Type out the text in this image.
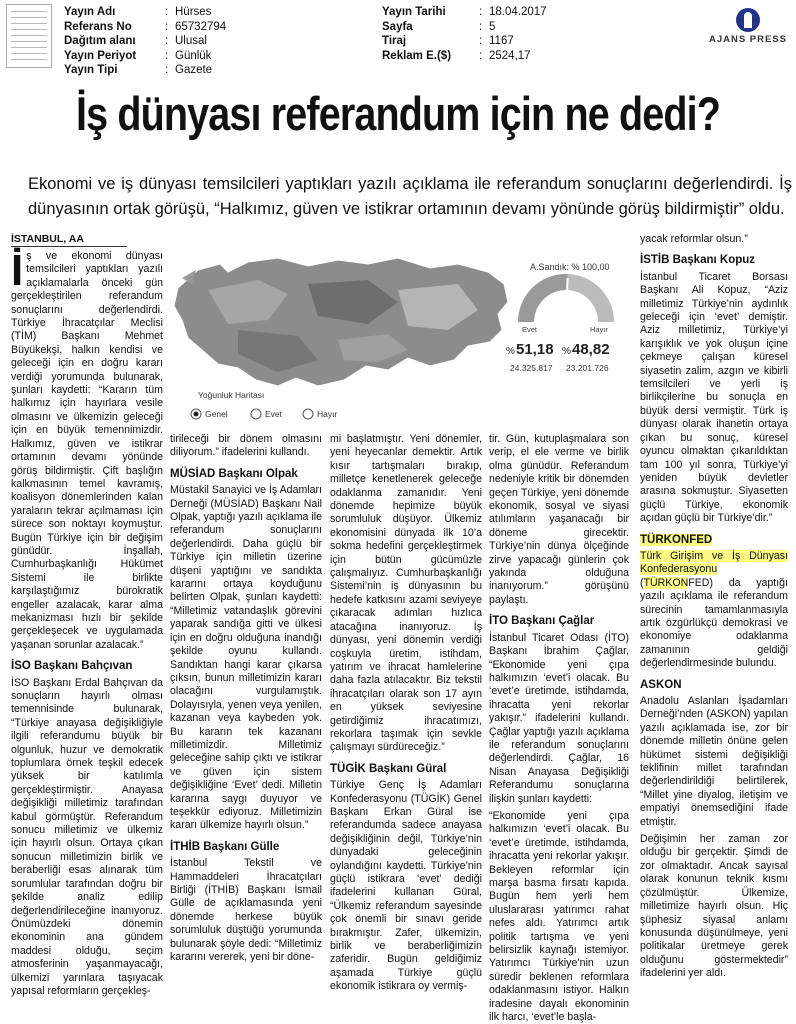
Yayın Adı	: Hürses
Referans No	: 65732794
Dağıtım alanı	: Ulusal
Yayın Periyot	: Günlük
Yayın Tipi	: Gazete
Yayın Tarihi	: 18.04.2017
Sayfa	: 5
Tiraj	: 1167
Reklam E.($)	: 2524,17
AJANS PRESS
İş dünyası referandum için ne dedi?
Ekonomi ve iş dünyası temsilcileri yaptıkları yazılı açıklama ile referandum sonuçlarını değerlendirdi. İş dünyasının ortak görüşü, “Halkımız, güven ve istikrar ortamının devamı yönünde görüş bildirmiştir” oldu.
İSTANBUL, AA
A.Sandık: % 100,00
Evet	Hayır
% 51,18 % 48,82
24.325.817 23.201.726
Yoğunluk Haritası
Genel	Evet	Hayır
İ ş ve ekonomi dünyası temsilcileri yaptıkları yazılı açıklamalarla önceki gün gerçekleştirilen referandum sonuçlarını değerlendirdi. Türkiye İhracatçılar Meclisi (TİM) Başkanı Mehmet Büyükekşi, halkın kendisi ve geleceği için en doğru kararı verdiği yorumunda bulunarak, şunları kaydetti: “Kararın tüm halkımız için hayırlara vesile olmasını ve ülkemizin geleceği için en büyük temennimizdir. Halkımız, güven ve istikrar ortamının devamı yönünde görüş bildirmiştir. Çift başlığın kalkmasının temel kavramış, koalisyon dönemlerinden kalan yaraların tekrar açılmaması için sürece son noktayı koymuştur. Bugün Türkiye için bir değişim günüdür. İnşallah, Cumhurbaşkanlığı Hükümet Sistemi ile birlikte karşılaştığımız bürokratik engeller azalacak, karar alma mekanizması hızlı bir şekilde gerçekleşecek ve uygulamada yaşanan sorunlar azalacak.”

İSO Başkanı Bahçıvan

İSO Başkanı Erdal Bahçıvan da sonuçların hayırlı olması temennisinde bulunarak, “Türkiye anayasa değişikliğiyle ilgili referandumu büyük bir olgunluk, huzur ve demokratik toplumlara örnek teşkil edecek yüksek bir katılımla gerçekleştirmiştir. Anayasa değişikliği milletimiz tarafından kabul görmüştür. Referandum sonucu milletimiz ve ülkemiz için hayırlı olsun. Ortaya çıkan sonucun milletimizin birlik ve beraberliği esas alınarak tüm sorumlular tarafından doğru bir şekilde analiz edilip değerlendirileceğine inanıyoruz. Önümüzdeki dönemin ekonominin ana gündem maddesi olduğu, seçim atmosferinin yaşanmayacağı, ülkemizi yarınlara taşıyacak yapısal reformların gerçekleş-

tirileceği bir dönem olmasını diliyorum.” ifadelerini kullandı.

MÜSİAD Başkanı Olpak

Müstakil Sanayici ve İş Adamları Derneği (MÜSİAD) Başkanı Nail Olpak, yaptığı yazılı açıklama ile referandum sonuçlarını değerlendirdi. Daha güçlü bir Türkiye için milletin üzerine düşeni yaptığını ve sandıkta kararını ortaya koyduğunu belirten Olpak, şunları kaydetti: “Milletimiz vatandaşlık görevini yaparak sandığa gitti ve ülkesi için en doğru olduğuna inandığı şekilde oyunu kullandı. Sandıktan hangi karar çıkarsa çıksın, bunun milletimizin kararı olacağını vurgulamıştık. Dolayısıyla, yenen veya yenilen, kazanan veya kaybeden yok. Bu kararın tek kazananı milletimizdir. Milletimiz geleceğine sahip çıktı ve istikrar ve güven için sistem değişikliğine ‘Evet’ dedi. Milletin kararına saygı duyuyor ve teşekkür ediyoruz. Milletimizin kararı ülkemize hayırlı olsun.”

İTHİB Başkanı Gülle

İstanbul Tekstil ve Hammaddeleri İhracatçıları Birliği (İTHİB) Başkanı İsmail Gülle de açıklamasında yeni dönemde herkese büyük sorumluluk düştüğü yorumunda bulunarak şöyle dedi: “Milletimiz kararını vererek, yeni bir döne-

mi başlatmıştır. Yeni dönemler, yeni heyecanlar demektir. Artık kısır tartışmaları bırakıp, milletçe kenetlenerek geleceğe odaklanma zamanıdır. Yeni dönemde hepimize büyük sorumluluk düşüyor. Ülkemiz ekonomisini dünyada ilk 10’a sokma hedefini gerçekleştirmek için bütün gücümüzle çalışmalıyız. Cumhurbaşkanlığı Sistemi’nin iş dünyasının bu hedefe katkısını azami seviyeye çıkaracak adımları hızlıca atacağına inanıyoruz. İş dünyası, yeni dönemin verdiği coşkuyla üretim, istihdam, yatırım ve ihracat hamlelerine daha fazla atılacaktır. Biz tekstil ihracatçıları olarak son 17 ayın en yüksek seviyesine getirdiğimiz ihracatımızı, rekorlara taşımak için sevkle çalışmayı sürdüreceğiz.”

TÜGİK Başkanı Güral

Türkiye Genç İş Adamları Konfederasyonu (TÜGİK) Genel Başkanı Erkan Güral ise referandumda sadece anayasa değişikliğinin değil, Türkiye’nin dünyadaki geleceğinin oylandığını kaydetti. Türkiye’nin güçlü istikrara ‘evet’ dediği ifadelerini kullanan Güral, “Ülkemiz referandum sayesinde çok önemli bir sınavı geride bırakmıştır. Zafer, ülkemizin, birlik ve beraberliğimizin zaferidir. Bugün geldiğimiz aşamada Türkiye güçlü ekonomik istikrara oy vermiş-

tir. Gün, kutuplaşmalara son verip, el ele verme ve birlik olma günüdür. Referandum nedeniyle kritik bir dönemden geçen Türkiye, yeni dönemde ekonomik, sosyal ve siyasi atılımların yaşanacağı bir döneme girecektir. Türkiye’nin dünya ölçeğinde zirve yapacağı günlerin çok yakında olduğuna inanıyorum.” görüşünü paylaştı.

İTO Başkanı Çağlar

İstanbul Ticaret Odası (İTO) Başkanı İbrahim Çağlar, “Ekonomide yeni çıpa halkımızın ‘evet’i olacak. Bu ‘evet’e üretimde, istihdamda, ihracatta yeni rekorlar yakışır.” ifadelerini kullandı. Çağlar yaptığı yazılı açıklama ile referandum sonuçlarını değerlendirdi. Çağlar, 16 Nisan Anayasa Değişikliği Referandumu sonuçlarına ilişkin şunları kaydetti:

“Ekonomide yeni çıpa halkımızın ‘evet’i olacak. Bu ‘evet’e üretimde, istihdamda, ihracatta yeni rekorlar yakışır. Bekleyen reformlar için marşa basma fırsatı kapıda. Bugün hem yerli hem uluslararası yatırımcı rahat nefes aldı. Yatırımcı artık politik tartışma ve yeni belirsizlik kaynağı istemiyor. Yatırımcı Türkiye’nin uzun süredir beklenen reformlara odaklanmasını istiyor. Halkın iradesine dayalı ekonominin ilk harcı, ‘evet’le başla-

yacak reformlar olsun.”

İSTİB Başkanı Kopuz

İstanbul Ticaret Borsası Başkanı Ali Kopuz, “Aziz milletimiz Türkiye’nin aydınlık geleceği için ‘evet’ demiştir. Aziz milletimiz, Türkiye’yi karışıklık ve yok oluşun içine çekmeye çalışan küresel siyasetin zalim, azgın ve kibirli temsilcileri ve yerli iş birlikçilerine bu sonuçla en büyük dersi vermiştir. Türk iş dünyası olarak ihanetin ortaya çıkan bu sonuç, küresel oyuncu olmaktan çıkarıldıktan tam 100 yıl sonra, Türkiye’yi yeniden büyük devletler arasına sokmuştur. Siyasetten güçlü Türkiye, ekonomik açıdan güçlü bir Türkiye’dir.”

TÜRKONFED

Türk Girişim ve İş Dünyası Konfederasyonu (TÜRKONFED) da yaptığı yazılı açıklama ile referandum sürecinin tamamlanmasıyla artık özgürlükçü demokrasi ve ekonomiye odaklanma zamanının geldiği değerlendirmesinde bulundu.

ASKON

Anadolu Aslanları İşadamları Derneği’nden (ASKON) yapılan yazılı açıklamada ise, zor bir dönemde milletin önüne gelen hükümet sistemi değişikliği teklifinin millet tarafından değerlendirildiği belirtilerek, “Millet yine diyalog, iletişim ve empatiyi önemsediğini ifade etmiştir.

Değişimin her zaman zor olduğu bir gerçektir. Şimdi de zor olmaktadır. Ancak sayısal olarak konunun teknik kısmı çözülmüştür. Ülkemize, milletimize hayırlı olsun. Hiç şüphesiz siyasal anlamı konusunda düşünülmeye, yeni politikalar üretmeye gerek olduğunu göstermektedir” ifadelerini yer aldı.
